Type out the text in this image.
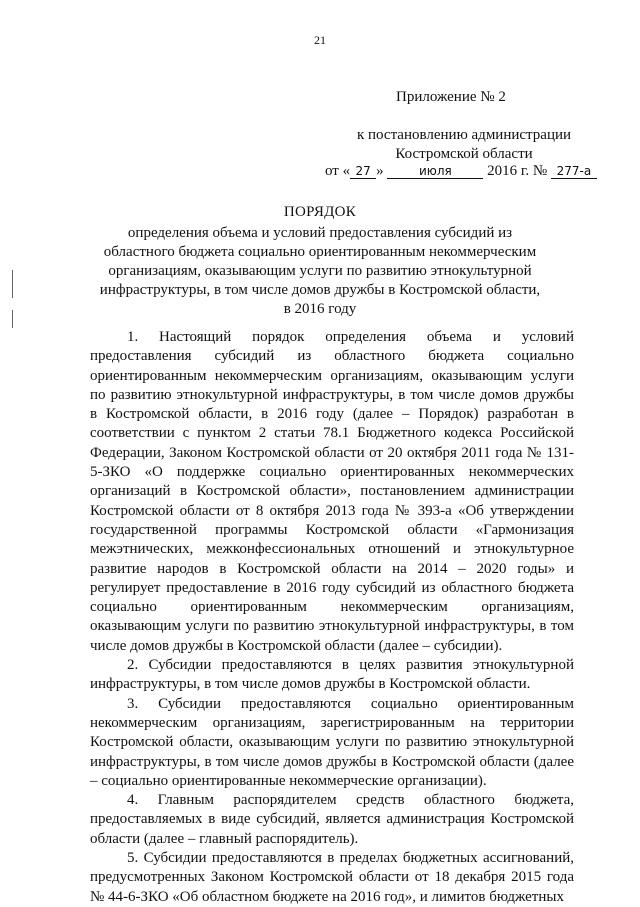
21
Приложение № 2
к постановлению администрации
Костромской области
от « 27 »	июля 2016 г. № 277-а
ПОРЯДОК
определения объема и условий предоставления субсидий из областного бюджета социально ориентированным некоммерческим организациям, оказывающим услуги по развитию этнокультурной инфраструктуры, в том числе домов дружбы в Костромской области, в 2016 году

1. Настоящий порядок определения объема и условий предоставления субсидий из областного бюджета социально ориентированным некоммерческим организациям, оказывающим услуги по развитию этнокультурной инфраструктуры, в том числе домов дружбы в Костромской области, в 2016 году (далее – Порядок) разработан в соответствии с пунктом 2 статьи 78.1 Бюджетного кодекса Российской Федерации, Законом Костромской области от 20 октября 2011 года № 131-5-ЗКО «О поддержке социально ориентированных некоммерческих организаций в Костромской области», постановлением администрации Костромской области от 8 октября 2013 года № 393-а «Об утверждении государственной программы Костромской области «Гармонизация межэтнических, межконфессиональных отношений и этнокультурное развитие народов в Костромской области на 2014 – 2020 годы» и регулирует предоставление в 2016 году субсидий из областного бюджета социально ориентированным некоммерческим организациям, оказывающим услуги по развитию этнокультурной инфраструктуры, в том числе домов дружбы в Костромской области (далее – субсидии).

2. Субсидии предоставляются в целях развития этнокультурной инфраструктуры, в том числе домов дружбы в Костромской области.

3. Субсидии предоставляются социально ориентированным некоммерческим организациям, зарегистрированным на территории Костромской области, оказывающим услуги по развитию этнокультурной инфраструктуры, в том числе домов дружбы в Костромской области (далее – социально ориентированные некоммерческие организации).

4. Главным распорядителем средств областного бюджета, предоставляемых в виде субсидий, является администрация Костромской области (далее – главный распорядитель).

5. Субсидии предоставляются в пределах бюджетных ассигнований, предусмотренных Законом Костромской области от 18 декабря 2015 года № 44-6-ЗКО «Об областном бюджете на 2016 год», и лимитов бюджетных
